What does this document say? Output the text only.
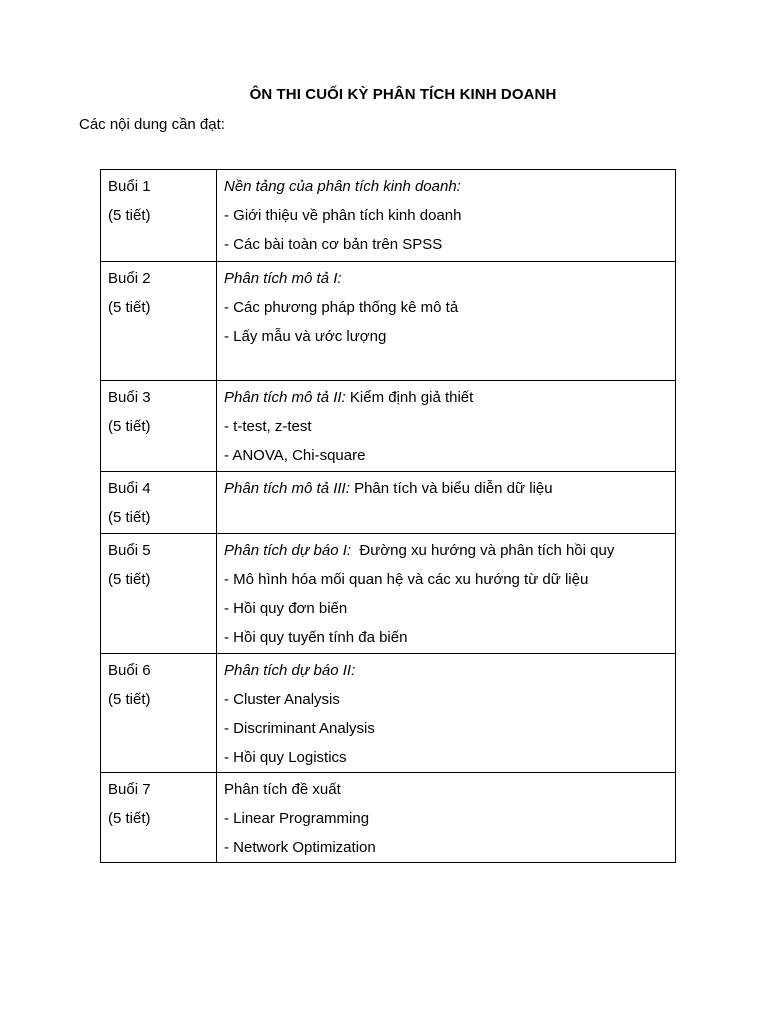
ÔN THI CUỐI KỲ PHÂN TÍCH KINH DOANH
Các nội dung cần đạt:
Buổi 1
(5 tiết)	Nền tảng của phân tích kinh doanh:
- Giới thiệu về phân tích kinh doanh
- Các bài toàn cơ bản trên SPSS

Buổi 2
(5 tiết)	Phân tích mô tả I:
- Các phương pháp thống kê mô tả
- Lấy mẫu và ước lượng

Buổi 3
(5 tiết)	Phân tích mô tả II: Kiểm định giả thiết
- t-test, z-test
- ANOVA, Chi-square

Buổi 4
(5 tiết)	Phân tích mô tả III: Phân tích và biểu diễn dữ liệu

Buổi 5
(5 tiết)	Phân tích dự báo I:  Đường xu hướng và phân tích hồi quy
- Mô hình hóa mối quan hệ và các xu hướng từ dữ liệu
- Hồi quy đơn biến
- Hồi quy tuyến tính đa biến

Buổi 6
(5 tiết)	Phân tích dự báo II:
- Cluster Analysis
- Discriminant Analysis
- Hồi quy Logistics

Buổi 7
(5 tiết)	Phân tích đề xuất
- Linear Programming
- Network Optimization
